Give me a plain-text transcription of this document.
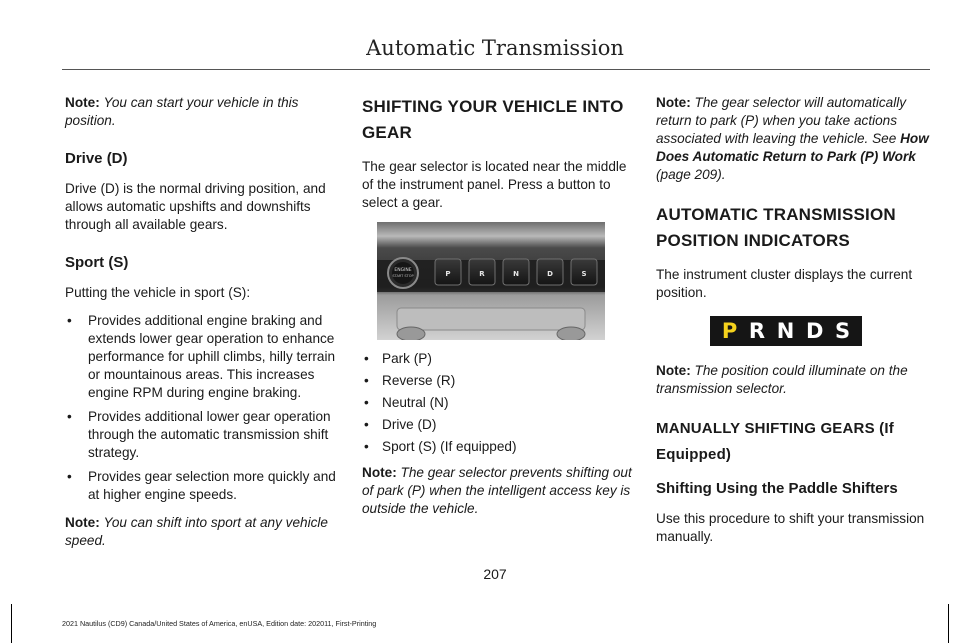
Automatic Transmission

Note: You can start your vehicle in this position.

Drive (D)

Drive (D) is the normal driving position, and allows automatic upshifts and downshifts through all available gears.

Sport (S)

Putting the vehicle in sport (S):

• Provides additional engine braking and extends lower gear operation to enhance performance for uphill climbs, hilly terrain or mountainous areas. This increases engine RPM during engine braking.
• Provides additional lower gear operation through the automatic transmission shift strategy.
• Provides gear selection more quickly and at higher engine speeds.

Note: You can shift into sport at any vehicle speed.

SHIFTING YOUR VEHICLE INTO GEAR

The gear selector is located near the middle of the instrument panel. Press a button to select a gear.

ENGINE
START STOP	P	R	N	D	S
• Park (P)
• Reverse (R)
• Neutral (N)
• Drive (D)
• Sport (S) (If equipped)

Note: The gear selector prevents shifting out of park (P) when the intelligent access key is outside the vehicle.

Note: The gear selector will automatically return to park (P) when you take actions associated with leaving the vehicle. See How Does Automatic Return to Park (P) Work (page 209).

AUTOMATIC TRANSMISSION POSITION INDICATORS

The instrument cluster displays the current position.

P R N D S

Note: The position could illuminate on the transmission selector.

MANUALLY SHIFTING GEARS (If Equipped)
Shifting Using the Paddle Shifters

Use this procedure to shift your transmission manually.

207
2021 Nautilus (CD9) Canada/United States of America, enUSA, Edition date: 202011, First-Printing
